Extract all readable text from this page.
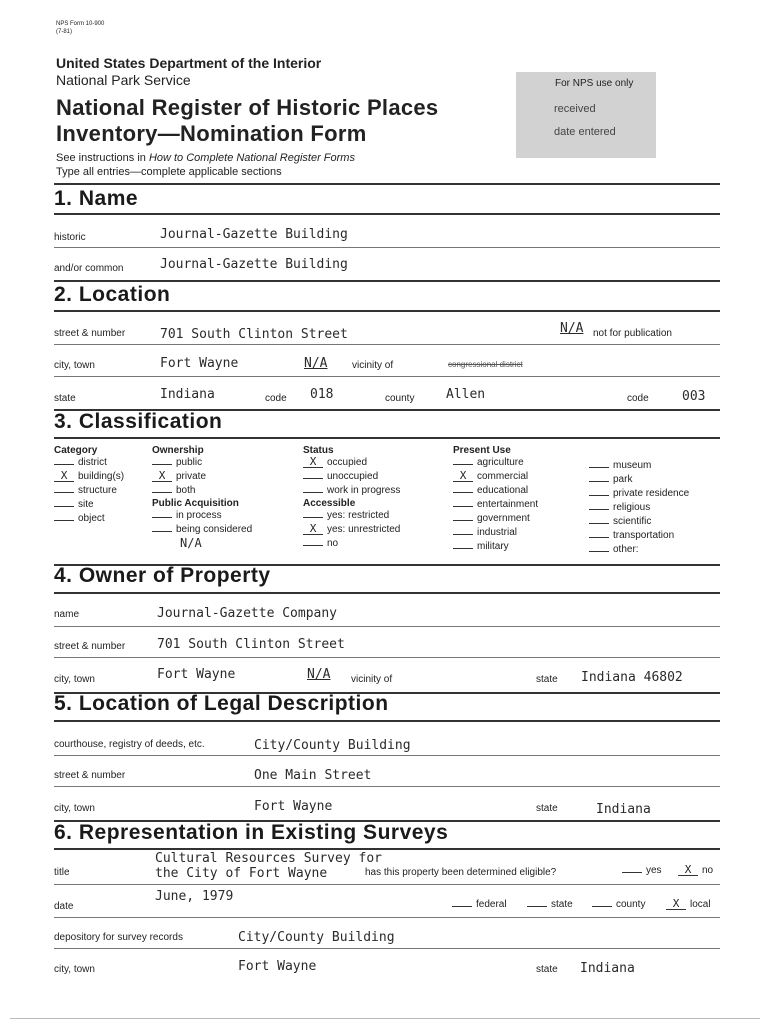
NPS Form 10-900
(7-81)
United States Department of the Interior
National Park Service
National Register of Historic Places
Inventory—Nomination Form
See instructions in How to Complete National Register Forms
Type all entries—complete applicable sections
For NPS use only
received
date entered
1. Name
historic	Journal-Gazette Building
and/or common	Journal-Gazette Building
2. Location
street & number	701 South Clinton Street	N/A not for publication
city, town	Fort Wayne	N/A vicinity of	congressional district
state	Indiana	code 018	county Allen	code	003
3. Classification
Category
district
X building(s)
structure
site
object
Ownership
public
X private
both
Public Acquisition
in process
being considered
N/A
Status
X occupied
unoccupied
work in progress
Accessible
yes: restricted
X yes: unrestricted
no
Present Use
agriculture
X commercial
educational
entertainment
government
industrial
military
museum
park
private residence
religious
scientific
transportation
other:
4. Owner of Property
name	Journal-Gazette Company
street & number 701 South Clinton Street
city, town	Fort Wayne	N/A vicinity of	state Indiana 46802
5. Location of Legal Description
courthouse, registry of deeds, etc.	City/County Building
street & number	One Main Street
city, town	Fort Wayne	state	Indiana
6. Representation in Existing Surveys
title
Cultural Resources Survey for
the City of Fort Wayne	has this property been determined eligible?	yes	X no
date
June, 1979
federal	state	county	X local
depository for survey records	City/County Building
city, town	Fort Wayne	state Indiana
